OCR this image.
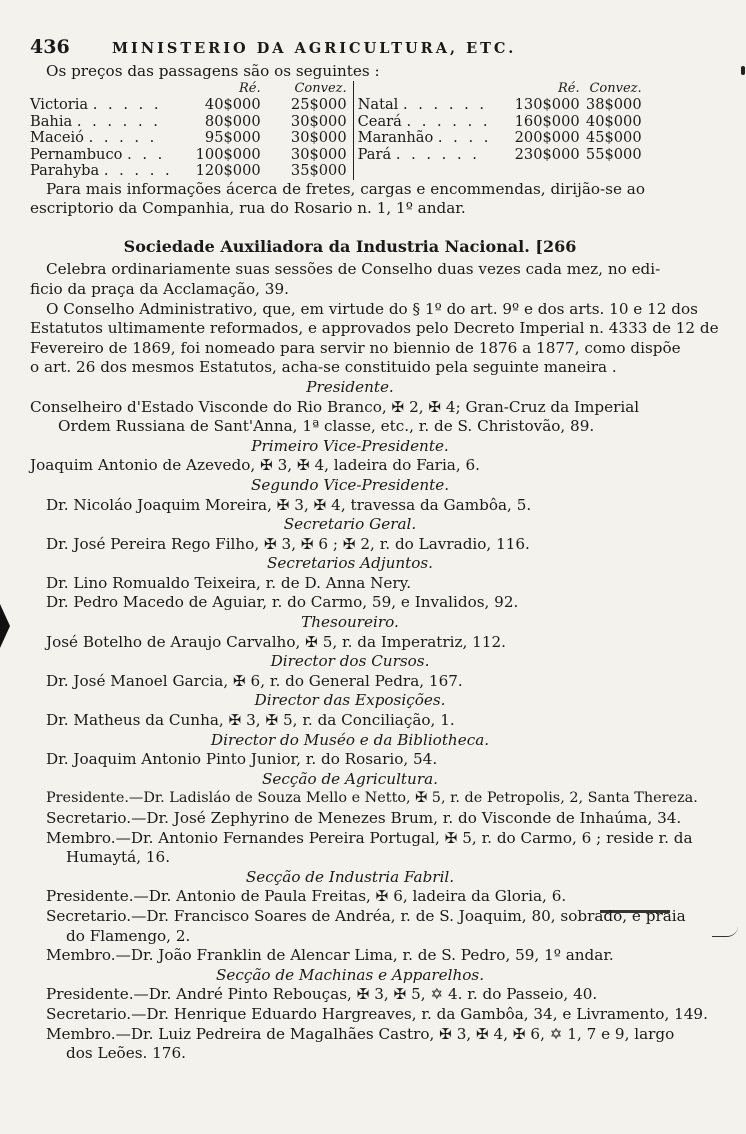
436	MINISTERIO DA AGRICULTURA, ETC.
Os preços das passagens são os seguintes :
	Ré.	Convez.		Ré.	Convez.
Victoria . . . . .	40$000	25$000	Natal . . . . . .	130$000	38$000
Bahia . . . . . .	80$000	30$000	Ceará . . . . . .	160$000	40$000
Maceió . . . . .	95$000	30$000	Maranhão . . . .	200$000	45$000
Pernambuco . . .	100$000	30$000	Pará . . . . . .	230$000	55$000
Parahyba . . . . .	120$000	35$000			
Para mais informações ácerca de fretes, cargas e encommendas, dirijão-se ao
escriptorio da Companhia, rua do Rosario n. 1, 1º andar.
Sociedade Auxiliadora da Industria Nacional. [266
Celebra ordinariamente suas sessões de Conselho duas vezes cada mez, no edi-
ficio da praça da Acclamação, 39.
O Conselho Administrativo, que, em virtude do § 1º do art. 9º e dos arts. 10 e 12 dos
Estatutos ultimamente reformados, e approvados pelo Decreto Imperial n. 4333 de 12 de
Fevereiro de 1869, foi nomeado para servir no biennio de 1876 a 1877, como dispõe
o art. 26 dos mesmos Estatutos, acha-se constituido pela seguinte maneira .
Presidente.
Conselheiro d'Estado Visconde do Rio Branco, ✠ 2, ✠ 4; Gran-Cruz da Imperial
Ordem Russiana de Sant'Anna, 1ª classe, etc., r. de S. Christovão, 89.
Primeiro Vice-Presidente.
Joaquim Antonio de Azevedo, ✠ 3, ✠ 4, ladeira do Faria, 6.
Segundo Vice-Presidente.
Dr. Nicoláo Joaquim Moreira, ✠ 3, ✠ 4, travessa da Gambôa, 5.
Secretario Geral.
Dr. José Pereira Rego Filho, ✠ 3, ✠ 6 ; ✠ 2, r. do Lavradio, 116.
Secretarios Adjuntos.
Dr. Lino Romualdo Teixeira, r. de D. Anna Nery.
Dr. Pedro Macedo de Aguiar, r. do Carmo, 59, e Invalidos, 92.
Thesoureiro.
José Botelho de Araujo Carvalho, ✠ 5, r. da Imperatriz, 112.
Director dos Cursos.
Dr. José Manoel Garcia, ✠ 6, r. do General Pedra, 167.
Director das Exposições.
Dr. Matheus da Cunha, ✠ 3, ✠ 5, r. da Conciliação, 1.
Director do Muséo e da Bibliotheca.
Dr. Joaquim Antonio Pinto Junior, r. do Rosario, 54.
Secção de Agricultura.
Presidente.—Dr. Ladisláo de Souza Mello e Netto, ✠ 5, r. de Petropolis, 2, Santa Thereza.
Secretario.—Dr. José Zephyrino de Menezes Brum, r. do Visconde de Inhaúma, 34.
Membro.—Dr. Antonio Fernandes Pereira Portugal, ✠ 5, r. do Carmo, 6 ; reside r. da
Humaytá, 16.
Secção de Industria Fabril.
Presidente.—Dr. Antonio de Paula Freitas, ✠ 6, ladeira da Gloria, 6.
Secretario.—Dr. Francisco Soares de Andréa, r. de S. Joaquim, 80, sobrado, e praia
do Flamengo, 2.
Membro.—Dr. João Franklin de Alencar Lima, r. de S. Pedro, 59, 1º andar.
Secção de Machinas e Apparelhos.
Presidente.—Dr. André Pinto Rebouças, ✠ 3, ✠ 5, ✡ 4. r. do Passeio, 40.
Secretario.—Dr. Henrique Eduardo Hargreaves, r. da Gambôa, 34, e Livramento, 149.
Membro.—Dr. Luiz Pedreira de Magalhães Castro, ✠ 3, ✠ 4, ✠ 6, ✡ 1, 7 e 9, largo
dos Leões. 176.
